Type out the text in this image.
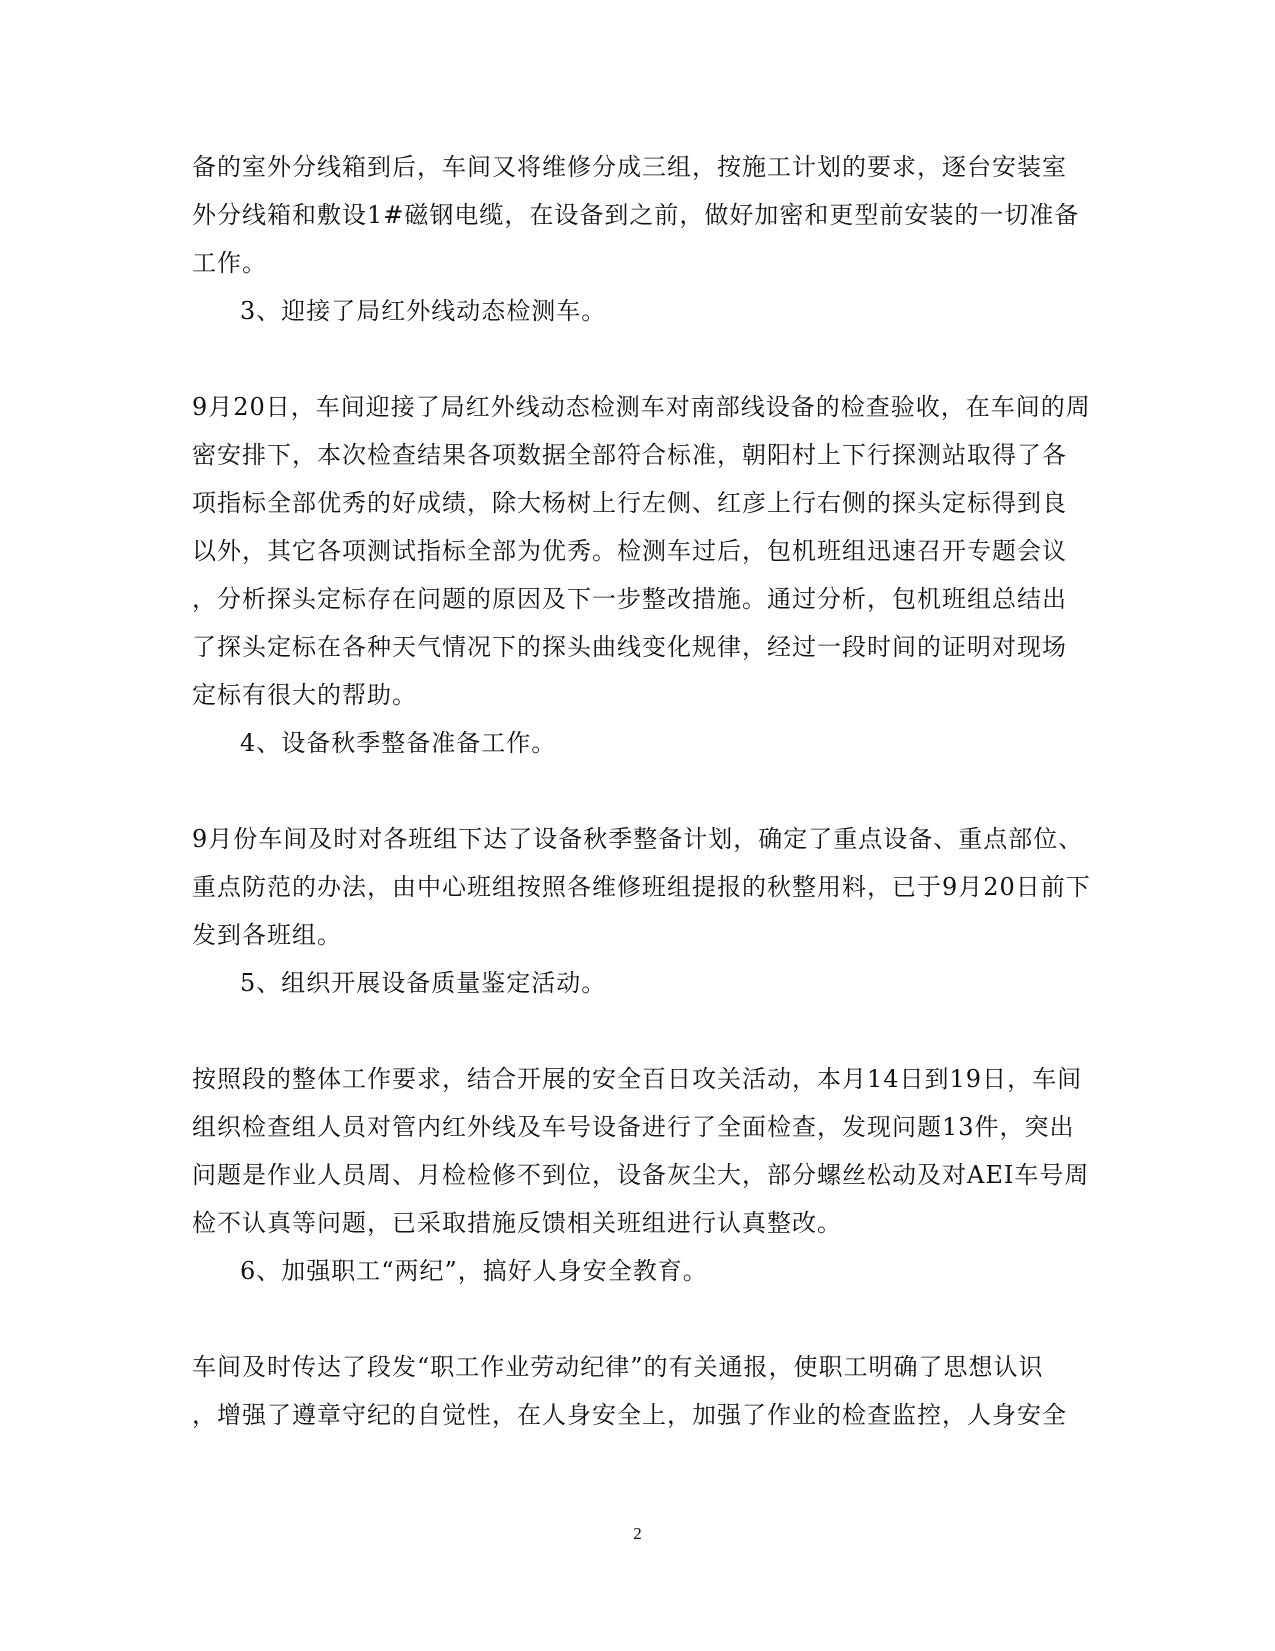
备的室外分线箱到后，车间又将维修分成三组，按施工计划的要求，逐台安装室
外分线箱和敷设1#磁钢电缆，在设备到之前，做好加密和更型前安装的一切准备
工作。
3、迎接了局红外线动态检测车。
9月20日，车间迎接了局红外线动态检测车对南部线设备的检查验收，在车间的周
密安排下，本次检查结果各项数据全部符合标准，朝阳村上下行探测站取得了各
项指标全部优秀的好成绩，除大杨树上行左侧、红彦上行右侧的探头定标得到良
以外，其它各项测试指标全部为优秀。检测车过后，包机班组迅速召开专题会议
，分析探头定标存在问题的原因及下一步整改措施。通过分析，包机班组总结出
了探头定标在各种天气情况下的探头曲线变化规律，经过一段时间的证明对现场
定标有很大的帮助。
4、设备秋季整备准备工作。
9月份车间及时对各班组下达了设备秋季整备计划，确定了重点设备、重点部位、
重点防范的办法，由中心班组按照各维修班组提报的秋整用料，已于9月20日前下
发到各班组。
5、组织开展设备质量鉴定活动。
按照段的整体工作要求，结合开展的安全百日攻关活动，本月14日到19日，车间
组织检查组人员对管内红外线及车号设备进行了全面检查，发现问题13件，突出
问题是作业人员周、月检检修不到位，设备灰尘大，部分螺丝松动及对AEI车号周
检不认真等问题，已采取措施反馈相关班组进行认真整改。
6、加强职工“两纪”，搞好人身安全教育。
车间及时传达了段发“职工作业劳动纪律”的有关通报，使职工明确了思想认识
，增强了遵章守纪的自觉性，在人身安全上，加强了作业的检查监控，人身安全
2
